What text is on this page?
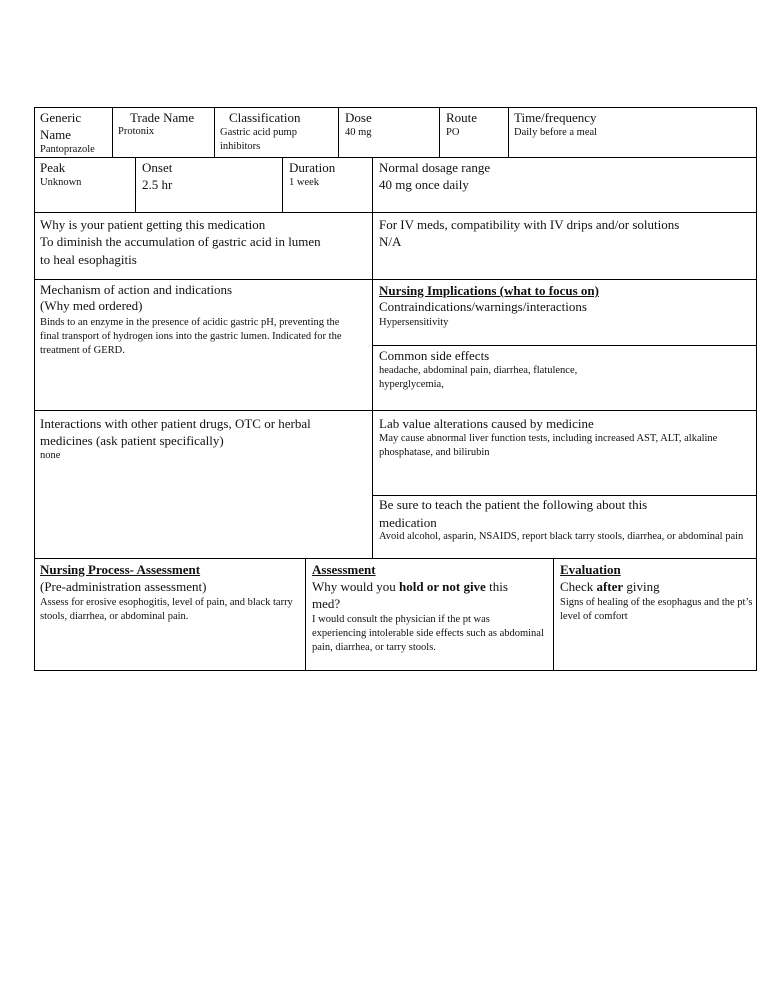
Generic
Name
Pantoprazole
Trade Name
Protonix
Classification
Gastric acid pump
inhibitors
Dose
40 mg
Route
PO
Time/frequency
Daily before a meal
Peak
Unknown
Onset
2.5 hr
Duration
1 week
Normal dosage range
40 mg once daily
Why is your patient getting this medication
To diminish the accumulation of gastric acid in lumen
to heal esophagitis
For IV meds, compatibility with IV drips and/or solutions
N/A
Mechanism of action and indications
(Why med ordered)
Binds to an enzyme in the presence of acidic gastric pH, preventing the final transport of hydrogen ions into the gastric lumen. Indicated for the treatment of GERD.
Nursing Implications (what to focus on)
Contraindications/warnings/interactions
Hypersensitivity
Common side effects
headache, abdominal pain, diarrhea, flatulence, hyperglycemia,
Interactions with other patient drugs, OTC or herbal
medicines (ask patient specifically)
none
Lab value alterations caused by medicine
May cause abnormal liver function tests, including increased AST, ALT, alkaline phosphatase, and bilirubin
Be sure to teach the patient the following about this
medication
Avoid alcohol, asparin, NSAIDS, report black tarry stools, diarrhea, or abdominal pain
Nursing Process- Assessment
(Pre-administration assessment)
Assess for erosive esophogitis, level of pain, and black tarry stools, diarrhea, or abdominal pain.
Assessment
Why would you hold or not give this
med?
I would consult the physician if the pt was experiencing intolerable side effects such as abdominal pain, diarrhea, or tarry stools.
Evaluation
Check after giving
Signs of healing of the esophagus and the pt’s level of comfort
